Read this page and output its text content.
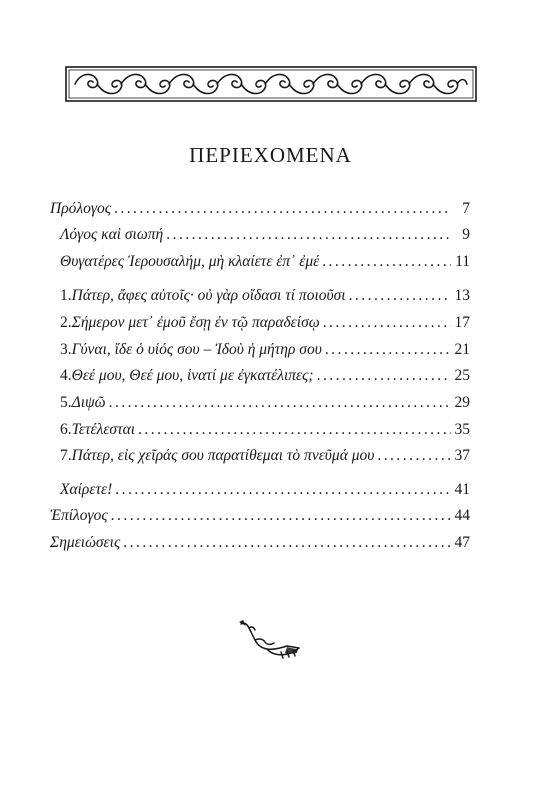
ΠΕΡΙΕΧΟΜΕΝΑ
Πρόλογος . . .	7
Λόγος καὶ σιωπή . . .	9
Θυγατέρες Ἱερουσαλήμ, μὴ κλαίετε ἐπ᾿ ἐμέ . . .	11
1. Πάτερ, ἄφες αὐτοῖς· οὐ γὰρ οἴδασι τί ποιοῦσι . . .	13
2. Σήμερον μετ᾿ ἐμοῦ ἔσῃ ἐν τῷ παραδείσῳ . . .	17
3. Γύναι, ἴδε ὁ υἱός σου – Ἰδοὺ ἡ μήτηρ σου . . .	21
4. Θεέ μου, Θεέ μου, ἱνατί με ἐγκατέλιπες; . . .	25
5. Διψῶ . . .	29
6. Τετέλεσται . . .	35
7. Πάτερ, εἰς χεῖράς σου παρατίθεμαι τὸ πνεῦμά μου . . .	37
Χαίρετε! . . .	41
Ἐπίλογος . . .	44
Σημειώσεις . . .	47
